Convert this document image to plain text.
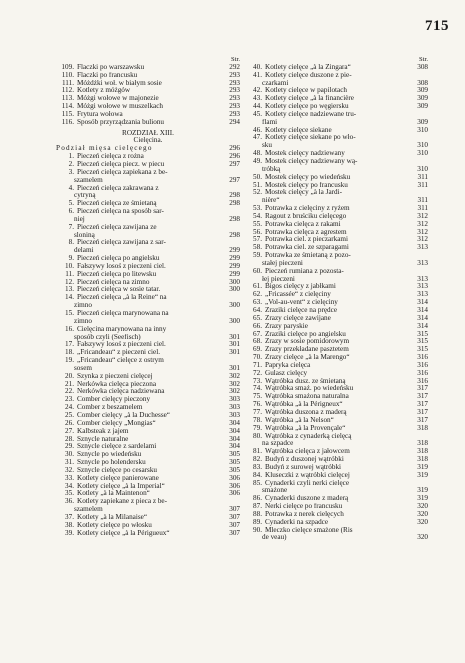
715
Str.
109. Flaczki po warszawsku	292
110. Flaczki po francusku	293
111. Móżdżki woł. w białym sosie	293
112. Kotlety z móżgów	293
113. Móżgi wołowe w majonezie	293
114. Móżgi wołowe w muszelkach	293
115. Frytura wołowa	293
116. Sposób przyrządzania bulionu	294
ROZDZIAŁ XIII.
Cielęcina.
Podział mięsa cielęcego	296
1. Pieczeń cielęca z rożna	296
2. Pieczeń cielęca piecz. w piecu	297
3. Pieczeń cielęca zapiekana z be-
szamelem	297
4. Pieczeń cielęca zakrawana z
cytryną	298
5. Pieczeń cielęca ze śmietaną	298
6. Pieczeń cielęca na sposób sar-
niej	298
7. Pieczeń cielęca zawijana ze
sloniną	298
8. Pieczeń cielęca zawijana z sar-
delami	299
9. Pieczeń cielęca po angielsku	299
10. Fałszywy losoś z pieczeni ciel.	299
11. Pieczeń cielęca po litewsku	299
12. Pieczeń cielęca na zimno	300
13. Pieczeń cielęca w sosie tatar.	300
14. Pieczeń cielęca „à la Reine“ na
zimno	300
15. Pieczeń cielęca marynowana na
zimno	300
16. Cielęcina marynowana na inny
sposób czyli (Seefisch)	301
17. Fałszywy losoś z pieczeni ciel.	301
18. „Fricandeau“ z pieczeni ciel.	301
19. „Fricandeau“ cielęce z ostrym
sosem	301
20. Szynka z pieczeni cielęcej	302
21. Nerkówka cielęca pieczona	302
22. Nerkówka cielęca nadziewana	302
23. Comber cielęcy pieczony	303
24. Comber z beszamelem	303
25. Comber cielęcy „à la Duchesse“	303
26. Comber cielęcy „Mongias“	304
27. Kalbsteak z jajem	304
28. Sznycle naturalne	304
29. Sznycle cielęce z sardelami	304
30. Sznycle po wiedeńsku	305
31. Sznycle po holendersku	305
32. Sznycle cielęce po cesarsku	305
33. Kotlety cielęce panierowane	306
34. Kotlety cielęce „à la Imperial“	306
35. Kotlety „à la Maintenon“	306
36. Kotlety zapiekane z pieca z be-
szamelem	307
37. Kotlety „à la Milanaise“	307
38. Kotlety cielęce po włosku	307
39. Kotlety cielęce „à la Périgueux“	307
Str.
40. Kotlety cielęce „à la Zingara“	308
41. Kotlety cielęce duszone z pie-
czarkami	308
42. Kotlety cielęce w papilotach	309
43. Kotlety cielęce „à la financière	309
44. Kotlety cielęce po węgiersku	309
45. Kotlety cielęce nadziewane tru-
flami	309
46. Kotlety cielęce siekane	310
47. Kotlety cielęce siekane po wło-
sku	310
48. Mostek cielęcy nadziewany	310
49. Mostek cielęcy nadziewany wą-
tróbką	310
50. Mostek cielęcy po wiedeńsku	311
51. Mostek cielęcy po francusku	311
52. Mostek cielęcy „à la Jardi-
nière“	311
53. Potrawka z cielęciny z ryżem	311
54. Ragout z bruściku cielęcego	312
55. Potrawka cielęca z rakami	312
56. Potrawka cielęca z agrestem	312
57. Potrawka ciel. z pieczarkami	312
58. Potrawka ciel. ze szparagami	313
59. Potrawka ze śmietaną z pozo-
stałej pieczeni	313
60. Pieczeń rumiana z pozosta-
łej pieczeni	313
61. Bigos cielęcy z jabłkami	313
62. „Fricassée“ z cielęciny	313
63. „Vol-au-vent“ z cielęciny	314
64. Zraziki cielęce na prędce	314
65. Zrazy cielęce zawijane	314
66. Zrazy paryskie	314
67. Zraziki cielęce po angielsku	315
68. Zrazy w sosie pomidorowym	315
69. Zrazy przekładane pasztetem	315
70. Zrazy cielęce „à la Marengo“	316
71. Papryka cielęca	316
72. Gulasz cielęcy	316
73. Wątróbka dusz. ze śmietaną	316
74. Wątróbka smaż. po wiedeńsku	317
75. Wątróbka smażona naturalna	317
76. Wątróbka „à la Périgneux“	317
77. Wątróbka duszona z maderą	317
78. Wątróbka „à la Nelson“	317
79. Wątróbka „à la Provençale“	318
80. Wątróbka z cynaderką cielęcą
na szpadce	318
81. Wątróbka cielęca z jałowcem	318
82. Budyń z duszonej wątróbki	318
83. Budyń z surowej wątróbki	319
84. Kluseczki z wątróbki cielęcej	319
85. Cynaderki czyli nerki cielęce
smażone	319
86. Cynaderki duszone z maderą	319
87. Nerki cielęce po francusku	320
88. Potrawka z nerek cielęcych	320
89. Cynaderki na szpadce	320
90. Mleczko cielęce smażone (Ris
de veau)	320
